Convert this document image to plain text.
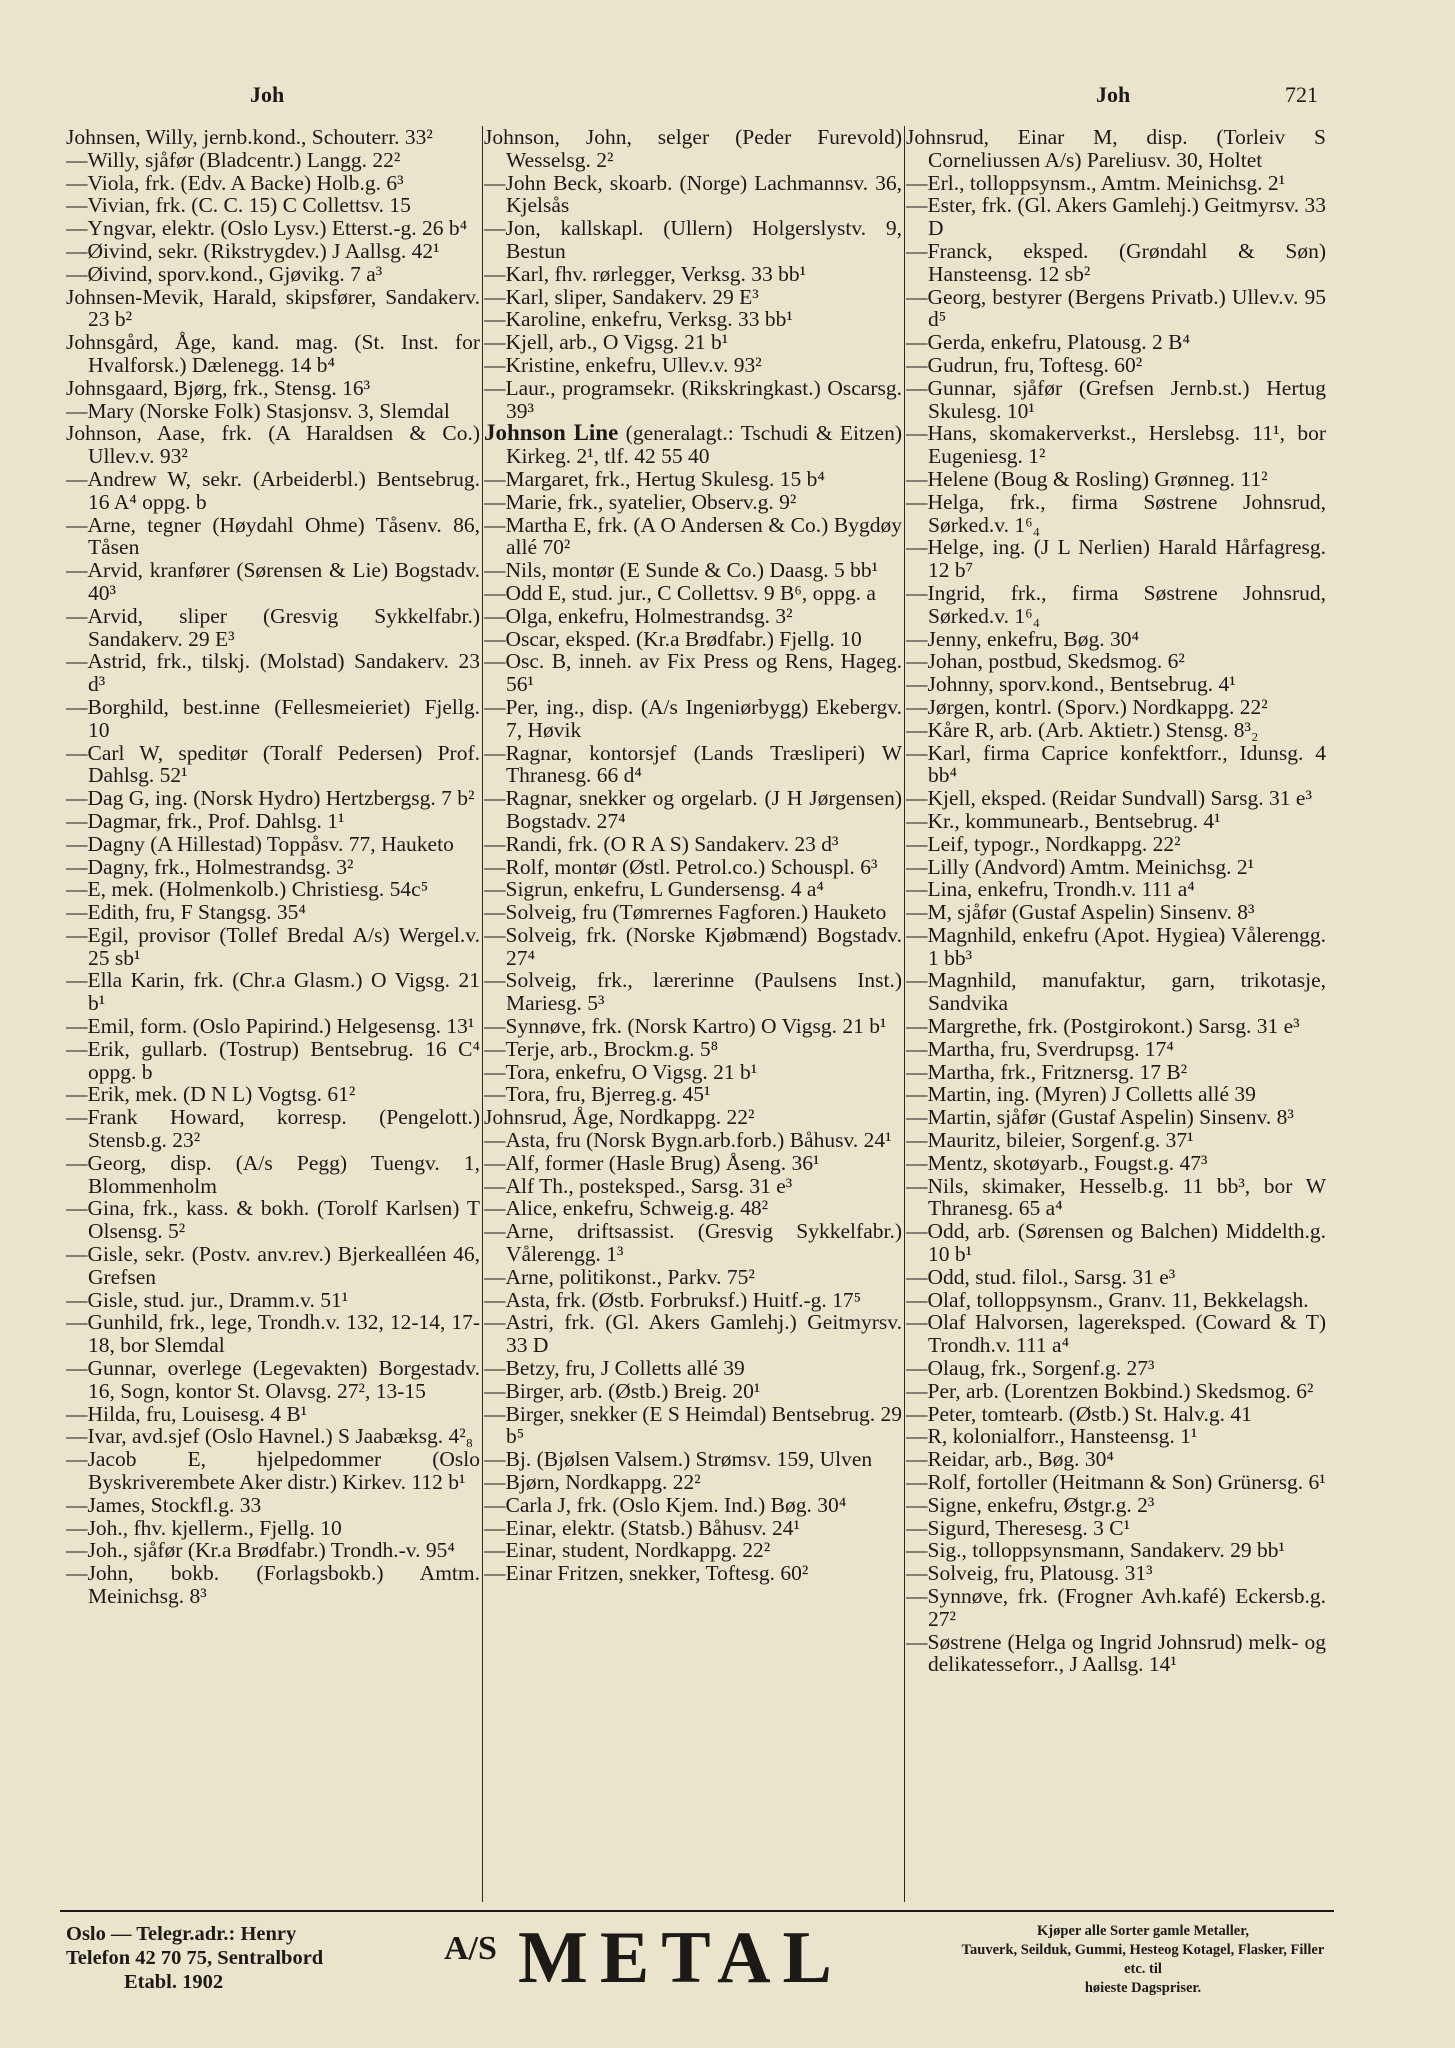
Joh	Joh	721

Johnsen, Willy, jernb.kond., Schouterr. 33²

—Willy, sjåfør (Bladcentr.) Langg. 22²

—Viola, frk. (Edv. A Backe) Holb.g. 6³

—Vivian, frk. (C. C. 15) C Collettsv. 15

—Yngvar, elektr. (Oslo Lysv.) Etterst.-g. 26 b⁴

—Øivind, sekr. (Rikstrygdev.) J Aallsg. 42¹

—Øivind, sporv.kond., Gjøvikg. 7 a³

Johnsen-Mevik, Harald, skipsfører, Sandakerv. 23 b²

Johnsgård, Åge, kand. mag. (St. Inst. for Hvalforsk.) Dælenegg. 14 b⁴

Johnsgaard, Bjørg, frk., Stensg. 16³

—Mary (Norske Folk) Stasjonsv. 3, Slemdal

Johnson, Aase, frk. (A Haraldsen & Co.) Ullev.v. 93²

—Andrew W, sekr. (Arbeiderbl.) Bentsebrug. 16 A⁴ oppg. b

—Arne, tegner (Høydahl Ohme) Tåsenv. 86, Tåsen

—Arvid, kranfører (Sørensen & Lie) Bogstadv. 40³

—Arvid, sliper (Gresvig Sykkelfabr.) Sandakerv. 29 E³

—Astrid, frk., tilskj. (Molstad) Sandakerv. 23 d³

—Borghild, best.inne (Fellesmeieriet) Fjellg. 10

—Carl W, speditør (Toralf Pedersen) Prof. Dahlsg. 52¹

—Dag G, ing. (Norsk Hydro) Hertzbergsg. 7 b²

—Dagmar, frk., Prof. Dahlsg. 1¹

—Dagny (A Hillestad) Toppåsv. 77, Hauketo

—Dagny, frk., Holmestrandsg. 3²

—E, mek. (Holmenkolb.) Christiesg. 54c⁵

—Edith, fru, F Stangsg. 35⁴

—Egil, provisor (Tollef Bredal A/s) Wergel.v. 25 sb¹

—Ella Karin, frk. (Chr.a Glasm.) O Vigsg. 21 b¹

—Emil, form. (Oslo Papirind.) Helgesensg. 13¹

—Erik, gullarb. (Tostrup) Bentsebrug. 16 C⁴ oppg. b

—Erik, mek. (D N L) Vogtsg. 61²

—Frank Howard, korresp. (Pengelott.) Stensb.g. 23²

—Georg, disp. (A/s Pegg) Tuengv. 1, Blommenholm

—Gina, frk., kass. & bokh. (Torolf Karlsen) T Olsensg. 5²

—Gisle, sekr. (Postv. anv.rev.) Bjerkealléen 46, Grefsen

—Gisle, stud. jur., Dramm.v. 51¹

—Gunhild, frk., lege, Trondh.v. 132, 12-14, 17-18, bor Slemdal

—Gunnar, overlege (Legevakten) Borgestadv. 16, Sogn, kontor St. Olavsg. 27², 13-15

—Hilda, fru, Louisesg. 4 B¹

—Ivar, avd.sjef (Oslo Havnel.) S Jaabæksg. 4²₈

—Jacob E, hjelpedommer (Oslo Byskriverembete Aker distr.) Kirkev. 112 b¹

—James, Stockfl.g. 33

—Joh., fhv. kjellerm., Fjellg. 10

—Joh., sjåfør (Kr.a Brødfabr.) Trondh.-v. 95⁴

—John, bokb. (Forlagsbokb.) Amtm. Meinichsg. 8³

Johnson, John, selger (Peder Furevold) Wesselsg. 2²

—John Beck, skoarb. (Norge) Lachmannsv. 36, Kjelsås

—Jon, kallskapl. (Ullern) Holgerslystv. 9, Bestun

—Karl, fhv. rørlegger, Verksg. 33 bb¹

—Karl, sliper, Sandakerv. 29 E³

—Karoline, enkefru, Verksg. 33 bb¹

—Kjell, arb., O Vigsg. 21 b¹

—Kristine, enkefru, Ullev.v. 93²

—Laur., programsekr. (Rikskringkast.) Oscarsg. 39³

Johnson Line (generalagt.: Tschudi & Eitzen) Kirkeg. 2¹, tlf. 42 55 40

—Margaret, frk., Hertug Skulesg. 15 b⁴

—Marie, frk., syatelier, Observ.g. 9²

—Martha E, frk. (A O Andersen & Co.) Bygdøy allé 70²

—Nils, montør (E Sunde & Co.) Daasg. 5 bb¹

—Odd E, stud. jur., C Collettsv. 9 B⁶, oppg. a

—Olga, enkefru, Holmestrandsg. 3²

—Oscar, eksped. (Kr.a Brødfabr.) Fjellg. 10

—Osc. B, inneh. av Fix Press og Rens, Hageg. 56¹

—Per, ing., disp. (A/s Ingeniørbygg) Ekebergv. 7, Høvik

—Ragnar, kontorsjef (Lands Træsliperi) W Thranesg. 66 d⁴

—Ragnar, snekker og orgelarb. (J H Jørgensen) Bogstadv. 27⁴

—Randi, frk. (O R A S) Sandakerv. 23 d³

—Rolf, montør (Østl. Petrol.co.) Schouspl. 6³

—Sigrun, enkefru, L Gundersensg. 4 a⁴

—Solveig, fru (Tømrernes Fagforen.) Hauketo

—Solveig, frk. (Norske Kjøbmænd) Bogstadv. 27⁴

—Solveig, frk., lærerinne (Paulsens Inst.) Mariesg. 5³

—Synnøve, frk. (Norsk Kartro) O Vigsg. 21 b¹

—Terje, arb., Brockm.g. 5⁸

—Tora, enkefru, O Vigsg. 21 b¹

—Tora, fru, Bjerreg.g. 45¹

Johnsrud, Åge, Nordkappg. 22²

—Asta, fru (Norsk Bygn.arb.forb.) Båhusv. 24¹

—Alf, former (Hasle Brug) Åseng. 36¹

—Alf Th., posteksped., Sarsg. 31 e³

—Alice, enkefru, Schweig.g. 48²

—Arne, driftsassist. (Gresvig Sykkelfabr.) Vålerengg. 1³

—Arne, politikonst., Parkv. 75²

—Asta, frk. (Østb. Forbruksf.) Huitf.-g. 17⁵

—Astri, frk. (Gl. Akers Gamlehj.) Geitmyrsv. 33 D

—Betzy, fru, J Colletts allé 39

—Birger, arb. (Østb.) Breig. 20¹

—Birger, snekker (E S Heimdal) Bentsebrug. 29 b⁵

—Bj. (Bjølsen Valsem.) Strømsv. 159, Ulven

—Bjørn, Nordkappg. 22²

—Carla J, frk. (Oslo Kjem. Ind.) Bøg. 30⁴

—Einar, elektr. (Statsb.) Båhusv. 24¹

—Einar, student, Nordkappg. 22²

—Einar Fritzen, snekker, Toftesg. 60²

Johnsrud, Einar M, disp. (Torleiv S Corneliussen A/s) Pareliusv. 30, Holtet

—Erl., tolloppsynsm., Amtm. Meinichsg. 2¹

—Ester, frk. (Gl. Akers Gamlehj.) Geitmyrsv. 33 D

—Franck, eksped. (Grøndahl & Søn) Hansteensg. 12 sb²

—Georg, bestyrer (Bergens Privatb.) Ullev.v. 95 d⁵

—Gerda, enkefru, Platousg. 2 B⁴

—Gudrun, fru, Toftesg. 60²

—Gunnar, sjåfør (Grefsen Jernb.st.) Hertug Skulesg. 10¹

—Hans, skomakerverkst., Herslebsg. 11¹, bor Eugeniesg. 1²

—Helene (Boug & Rosling) Grønneg. 11²

—Helga, frk., firma Søstrene Johnsrud, Sørked.v. 1⁶₄

—Helge, ing. (J L Nerlien) Harald Hårfagresg. 12 b⁷

—Ingrid, frk., firma Søstrene Johnsrud, Sørked.v. 1⁶₄

—Jenny, enkefru, Bøg. 30⁴

—Johan, postbud, Skedsmog. 6²

—Johnny, sporv.kond., Bentsebrug. 4¹

—Jørgen, kontrl. (Sporv.) Nordkappg. 22²

—Kåre R, arb. (Arb. Aktietr.) Stensg. 8³₂

—Karl, firma Caprice konfektforr., Idunsg. 4 bb⁴

—Kjell, eksped. (Reidar Sundvall) Sarsg. 31 e³

—Kr., kommunearb., Bentsebrug. 4¹

—Leif, typogr., Nordkappg. 22²

—Lilly (Andvord) Amtm. Meinichsg. 2¹

—Lina, enkefru, Trondh.v. 111 a⁴

—M, sjåfør (Gustaf Aspelin) Sinsenv. 8³

—Magnhild, enkefru (Apot. Hygiea) Vålerengg. 1 bb³

—Magnhild, manufaktur, garn, trikotasje, Sandvika

—Margrethe, frk. (Postgirokont.) Sarsg. 31 e³

—Martha, fru, Sverdrupsg. 17⁴

—Martha, frk., Fritznersg. 17 B²

—Martin, ing. (Myren) J Colletts allé 39

—Martin, sjåfør (Gustaf Aspelin) Sinsenv. 8³

—Mauritz, bileier, Sorgenf.g. 37¹

—Mentz, skotøyarb., Fougst.g. 47³

—Nils, skimaker, Hesselb.g. 11 bb³, bor W Thranesg. 65 a⁴

—Odd, arb. (Sørensen og Balchen) Middelth.g. 10 b¹

—Odd, stud. filol., Sarsg. 31 e³

—Olaf, tolloppsynsm., Granv. 11, Bekkelagsh.

—Olaf Halvorsen, lagereksped. (Coward & T) Trondh.v. 111 a⁴

—Olaug, frk., Sorgenf.g. 27³

—Per, arb. (Lorentzen Bokbind.) Skedsmog. 6²

—Peter, tomtearb. (Østb.) St. Halv.g. 41

—R, kolonialforr., Hansteensg. 1¹

—Reidar, arb., Bøg. 30⁴

—Rolf, fortoller (Heitmann & Son) Grünersg. 6¹

—Signe, enkefru, Østgr.g. 2³

—Sigurd, Theresesg. 3 C¹

—Sig., tolloppsynsmann, Sandakerv. 29 bb¹

—Solveig, fru, Platousg. 31³

—Synnøve, frk. (Frogner Avh.kafé) Eckersb.g. 27²

—Søstrene (Helga og Ingrid Johnsrud) melk- og delikatesseforr., J Aallsg. 14¹

Oslo — Telegr.adr.: Henry
Telefon 42 70 75, Sentralbord
Etabl. 1902
A/S METAL	Kjøper alle Sorter gamle Metaller,
Tauverk, Seilduk, Gummi, Hesteog Kotagel, Flasker, Filler etc. til
høieste Dagspriser.
